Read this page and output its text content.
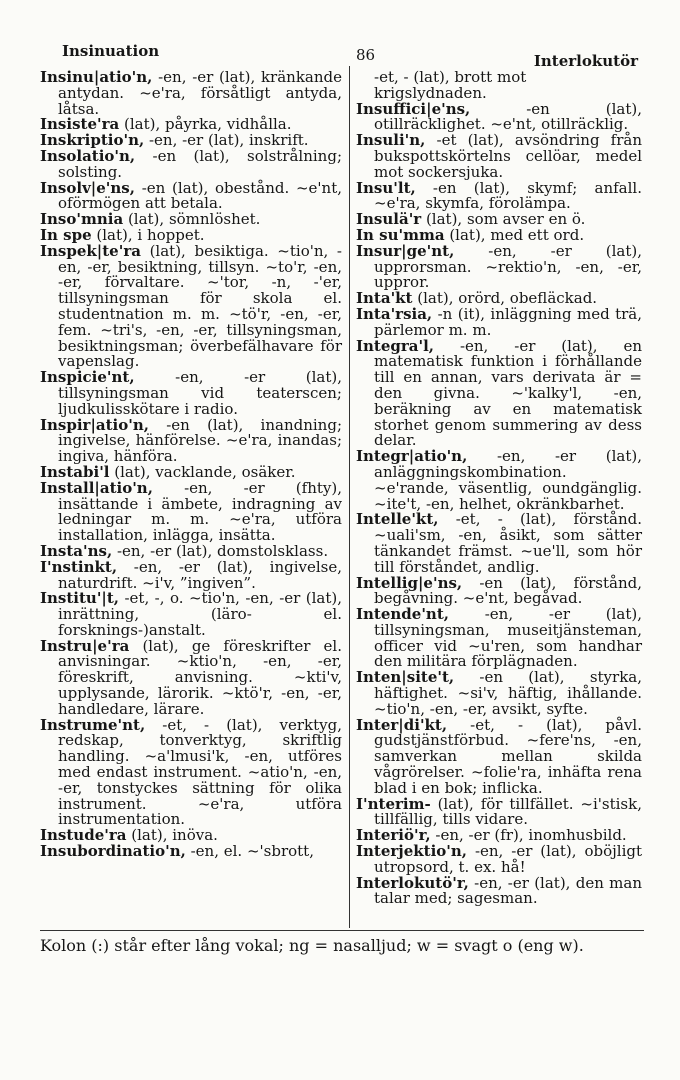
Insinuation	86	Interlokutör

Insinu|atio'n, -en, -er (lat), kränkande antydan. ~e'ra, försåtligt antyda, låtsa.

Insiste'ra (lat), påyrka, vidhålla.

Inskriptio'n, -en, -er (lat), inskrift.

Insolatio'n, -en (lat), solstrålning; solsting.

Insolv|e'ns, -en (lat), obestånd. ~e'nt, oförmögen att betala.

Inso'mnia (lat), sömnlöshet.

In spe (lat), i hoppet.

Inspek|te'ra (lat), besiktiga. ~tio'n, -en, -er, besiktning, tillsyn. ~to'r, -en, -er, förvaltare. ~'tor, -n, -'er, tillsyningsman för skola el. studentnation m. m. ~tö'r, -en, -er, fem. ~tri's, -en, -er, tillsyningsman, besiktningsman; överbefälhavare för vapenslag.

Inspicie'nt, -en, -er (lat), tillsyningsman vid teaterscen; ljudkulisskötare i radio.

Inspir|atio'n, -en (lat), inandning; ingivelse, hänförelse. ~e'ra, inandas; ingiva, hänföra.

Instabi'l (lat), vacklande, osäker.

Install|atio'n, -en, -er (fhty), insättande i ämbete, indragning av ledningar m. m. ~e'ra, utföra installation, inlägga, insätta.

Insta'ns, -en, -er (lat), domstolsklass.

I'nstinkt, -en, -er (lat), ingivelse, naturdrift. ~i'v, ”ingiven”.

Institu'|t, -et, -, o. ~tio'n, -en, -er (lat), inrättning, (läro- el. forsknings-)anstalt.

Instru|e'ra (lat), ge föreskrifter el. anvisningar. ~ktio'n, -en, -er, föreskrift, anvisning. ~kti'v, upplysande, lärorik. ~ktö'r, -en, -er, handledare, lärare.

Instrume'nt, -et, - (lat), verktyg, redskap, tonverktyg, skriftlig handling. ~a'lmusi'k, -en, utföres med endast instrument. ~atio'n, -en, -er, tonstyckes sättning för olika instrument. ~e'ra, utföra instrumentation.

Instude'ra (lat), inöva.

Insubordinatio'n, -en, el. ~'sbrott,

-et, - (lat), brott mot krigslydnaden.

Insuffici|e'ns, -en (lat), otillräcklighet. ~e'nt, otillräcklig.

Insuli'n, -et (lat), avsöndring från bukspottskörtelns cellöar, medel mot sockersjuka.

Insu'lt, -en (lat), skymf; anfall. ~e'ra, skymfa, förolämpa.

Insulä'r (lat), som avser en ö.

In su'mma (lat), med ett ord.

Insur|ge'nt, -en, -er (lat), upprorsman. ~rektio'n, -en, -er, uppror.

Inta'kt (lat), orörd, obefläckad.

Inta'rsia, -n (it), inläggning med trä, pärlemor m. m.

Integra'l, -en, -er (lat), en matematisk funktion i förhållande till en annan, vars derivata är = den givna. ~'kalky'l, -en, beräkning av en matematisk storhet genom summering av dess delar.

Integr|atio'n, -en, -er (lat), anläggningskombination. ~e'rande, väsentlig, oundgänglig. ~ite't, -en, helhet, okränkbarhet.

Intelle'kt, -et, - (lat), förstånd. ~uali'sm, -en, åsikt, som sätter tänkandet främst. ~ue'll, som hör till förståndet, andlig.

Intellig|e'ns, -en (lat), förstånd, begåvning. ~e'nt, begåvad.

Intende'nt, -en, -er (lat), tillsyningsman, museitjänsteman, officer vid ~u'ren, som handhar den militära förplägnaden.

Inten|site't, -en (lat), styrka, häftighet. ~si'v, häftig, ihållande. ~tio'n, -en, -er, avsikt, syfte.

Inter|di'kt, -et, - (lat), påvl. gudstjänstförbud. ~fere'ns, -en, samverkan mellan skilda vågrörelser. ~folie'ra, inhäfta rena blad i en bok; inflicka.

I'nterim- (lat), för tillfället. ~i'stisk, tillfällig, tills vidare.

Interiö'r, -en, -er (fr), inomhusbild.

Interjektio'n, -en, -er (lat), oböjligt utropsord, t. ex. hå!

Interlokutö'r, -en, -er (lat), den man talar med; sagesman.

Kolon (:) står efter lång vokal; ng = nasalljud; w = svagt o (eng w).
